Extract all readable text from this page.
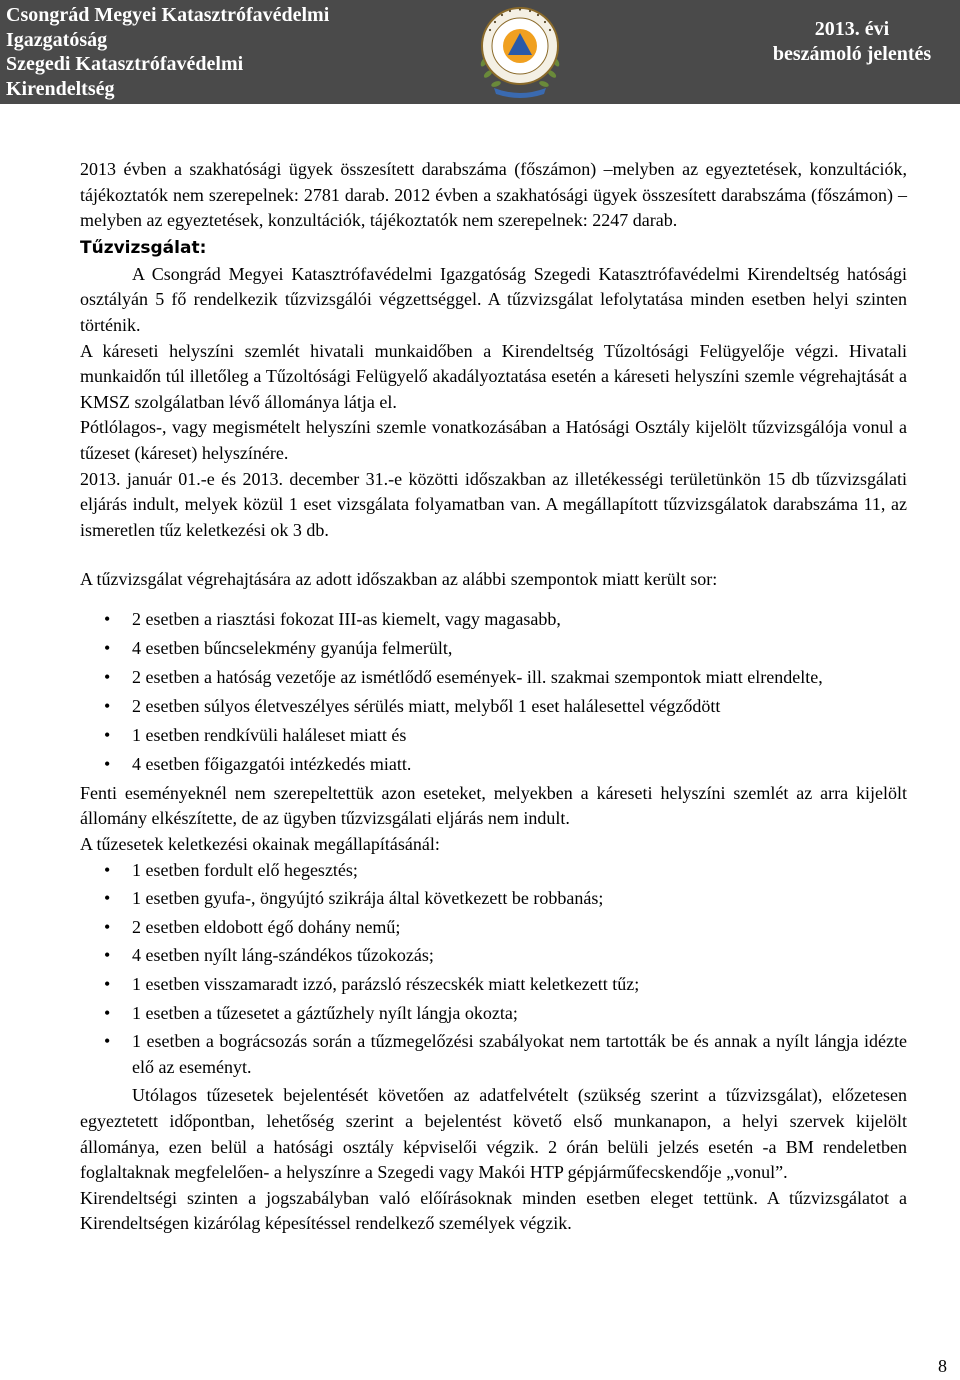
Csongrád Megyei Katasztrófavédelmi
Igazgatóság
Szegedi Katasztrófavédelmi
Kirendeltség
2013. évi
beszámoló jelentés

2013 évben a szakhatósági ügyek összesített darabszáma (főszámon) –melyben az egyeztetések, konzultációk, tájékoztatók nem szerepelnek: 2781 darab. 2012 évben a szakhatósági ügyek összesített darabszáma (főszámon) –melyben az egyeztetések, konzultációk, tájékoztatók nem szerepelnek: 2247 darab.

Tűzvizsgálat:

A Csongrád Megyei Katasztrófavédelmi Igazgatóság Szegedi Katasztrófavédelmi Kirendeltség hatósági osztályán 5 fő rendelkezik tűzvizsgálói végzettséggel. A tűzvizsgálat lefolytatása minden esetben helyi szinten történik.

A káreseti helyszíni szemlét hivatali munkaidőben a Kirendeltség Tűzoltósági Felügyelője végzi. Hivatali munkaidőn túl illetőleg a Tűzoltósági Felügyelő akadályoztatása esetén a káreseti helyszíni szemle végrehajtását a KMSZ szolgálatban lévő állománya látja el.

Pótlólagos-, vagy megismételt helyszíni szemle vonatkozásában a Hatósági Osztály kijelölt tűzvizsgálója vonul a tűzeset (káreset) helyszínére.

2013. január 01.-e és 2013. december 31.-e közötti időszakban az illetékességi területünkön 15 db tűzvizsgálati eljárás indult, melyek közül 1 eset vizsgálata folyamatban van. A megállapított tűzvizsgálatok darabszáma 11, az ismeretlen tűz keletkezési ok 3 db.

A tűzvizsgálat végrehajtására az adott időszakban az alábbi szempontok miatt került sor:

• 2 esetben a riasztási fokozat III-as kiemelt, vagy magasabb,
• 4 esetben bűncselekmény gyanúja felmerült,
• 2 esetben a hatóság vezetője az ismétlődő események- ill. szakmai szempontok miatt elrendelte,
• 2 esetben súlyos életveszélyes sérülés miatt, melyből 1 eset halálesettel végződött
• 1 esetben rendkívüli haláleset miatt és
• 4 esetben főigazgatói intézkedés miatt.

Fenti eseményeknél nem szerepeltettük azon eseteket, melyekben a káreseti helyszíni szemlét az arra kijelölt állomány elkészítette, de az ügyben tűzvizsgálati eljárás nem indult.

A tűzesetek keletkezési okainak megállapításánál:

• 1 esetben fordult elő hegesztés;
• 1 esetben gyufa-, öngyújtó szikrája által következett be robbanás;
• 2 esetben eldobott égő dohány nemű;
• 4 esetben nyílt láng-szándékos tűzokozás;
• 1 esetben visszamaradt izzó, parázsló részecskék miatt keletkezett tűz;
• 1 esetben a tűzesetet a gáztűzhely nyílt lángja okozta;
• 1 esetben a bográcsozás során a tűzmegelőzési szabályokat nem tartották be és annak a nyílt lángja idézte elő az eseményt.

Utólagos tűzesetek bejelentését követően az adatfelvételt (szükség szerint a tűzvizsgálat), előzetesen egyeztetett időpontban, lehetőség szerint a bejelentést követő első munkanapon, a helyi szervek kijelölt állománya, ezen belül a hatósági osztály képviselői végzik. 2 órán belüli jelzés esetén -a BM rendeletben foglaltaknak megfelelően- a helyszínre a Szegedi vagy Makói HTP gépjárműfecskendője „vonul”.

Kirendeltségi szinten a jogszabályban való előírásoknak minden esetben eleget tettünk. A tűzvizsgálatot a Kirendeltségen kizárólag képesítéssel rendelkező személyek végzik.

8
